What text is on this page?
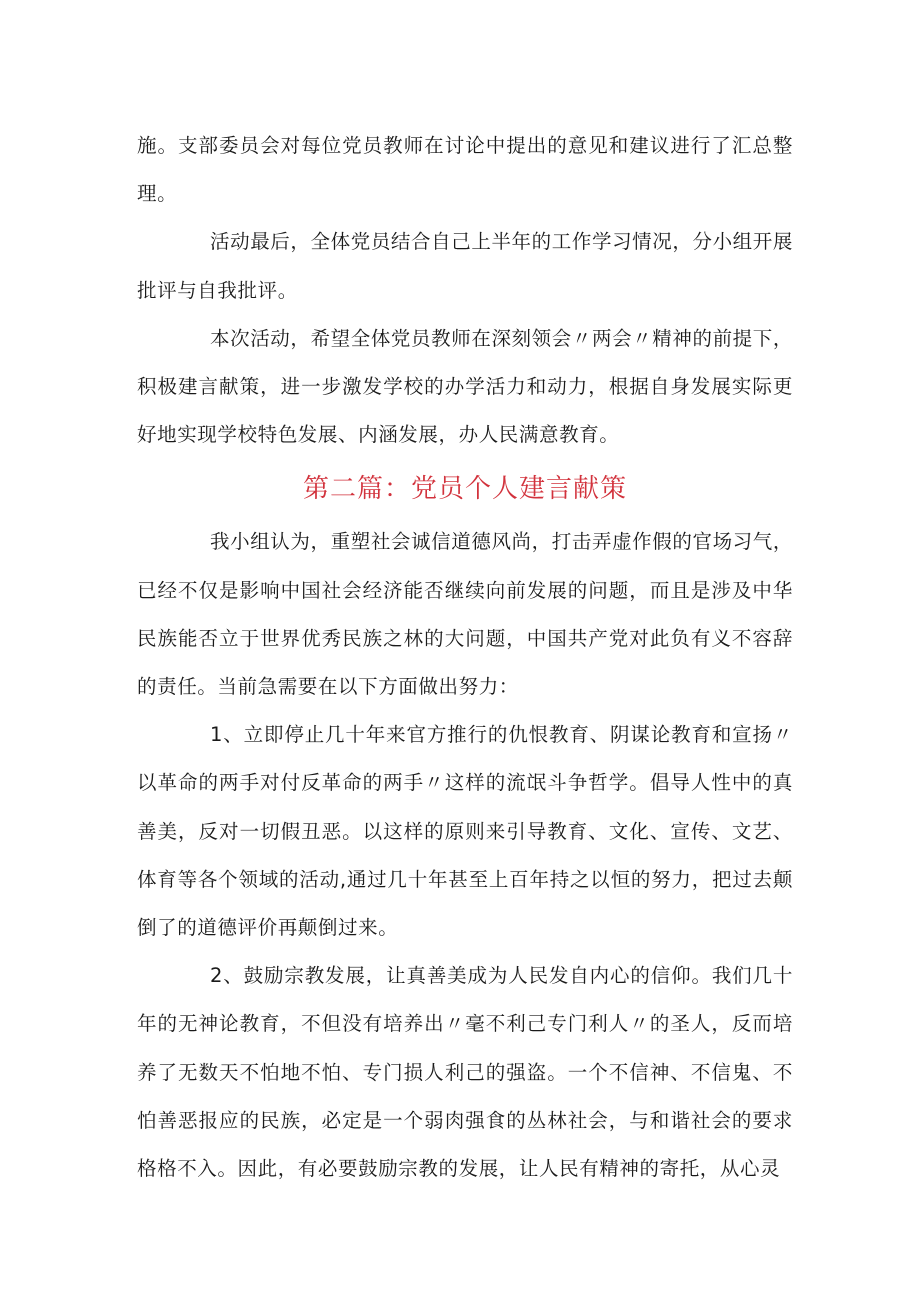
施。支部委员会对每位党员教师在讨论中提出的意见和建议进行了汇总整理。

活动最后，全体党员结合自己上半年的工作学习情况，分小组开展批评与自我批评。

本次活动，希望全体党员教师在深刻领会〃两会〃精神的前提下，积极建言献策，进一步激发学校的办学活力和动力，根据自身发展实际更好地实现学校特色发展、内涵发展，办人民满意教育。

第二篇：党员个人建言献策

我小组认为，重塑社会诚信道德风尚，打击弄虚作假的官场习气，已经不仅是影响中国社会经济能否继续向前发展的问题，而且是涉及中华民族能否立于世界优秀民族之林的大问题，中国共产党对此负有义不容辞的责任。当前急需要在以下方面做出努力：

1、立即停止几十年来官方推行的仇恨教育、阴谋论教育和宣扬〃以革命的两手对付反革命的两手〃这样的流氓斗争哲学。倡导人性中的真善美，反对一切假丑恶。以这样的原则来引导教育、文化、宣传、文艺、体育等各个领域的活动,通过几十年甚至上百年持之以恒的努力，把过去颠倒了的道德评价再颠倒过来。

2、鼓励宗教发展，让真善美成为人民发自内心的信仰。我们几十年的无神论教育，不但没有培养出〃毫不利己专门利人〃的圣人，反而培养了无数天不怕地不怕、专门损人利己的强盗。一个不信神、不信鬼、不怕善恶报应的民族，必定是一个弱肉强食的丛林社会，与和谐社会的要求格格不入。因此，有必要鼓励宗教的发展，让人民有精神的寄托，从心灵
